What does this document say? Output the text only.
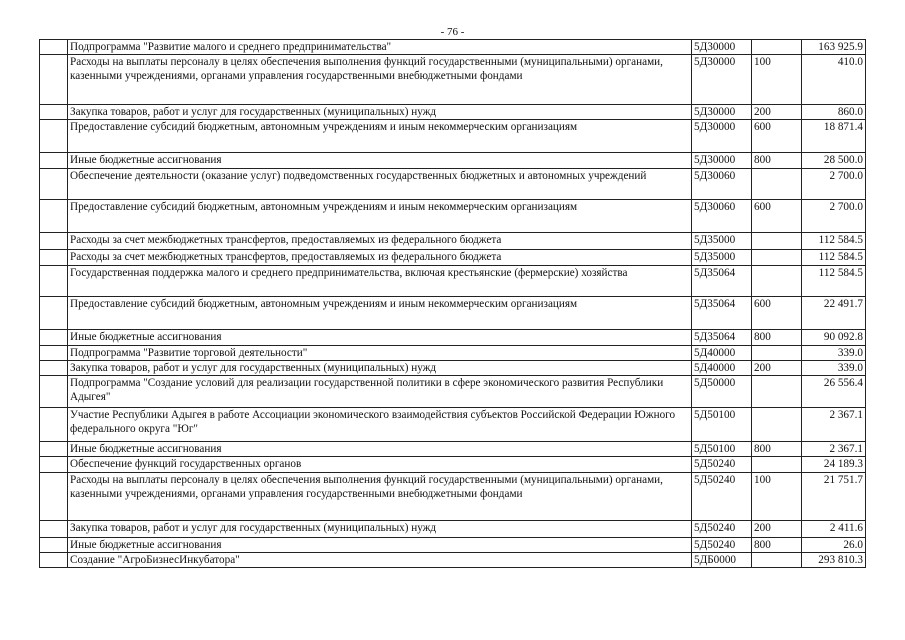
- 76 -
	Подпрограмма "Развитие малого и среднего предпринимательства"	5Д30000		163 925.9
	Расходы на выплаты персоналу в целях обеспечения выполнения функций государственными (муниципальными) органами, казенными учреждениями, органами управления государственными внебюджетными фондами	5Д30000	100	410.0
	Закупка товаров, работ и услуг для государственных (муниципальных) нужд	5Д30000	200	860.0
	Предоставление субсидий бюджетным, автономным учреждениям и иным некоммерческим организациям	5Д30000	600	18 871.4
	Иные бюджетные ассигнования	5Д30000	800	28 500.0
	Обеспечение деятельности (оказание услуг) подведомственных государственных бюджетных и автономных учреждений	5Д30060		2 700.0
	Предоставление субсидий бюджетным, автономным учреждениям и иным некоммерческим организациям	5Д30060	600	2 700.0
	Расходы за счет межбюджетных трансфертов, предоставляемых из федерального бюджета	5Д35000		112 584.5
	Расходы за счет межбюджетных трансфертов, предоставляемых из федерального бюджета	5Д35000		112 584.5
	Государственная поддержка малого и среднего предпринимательства, включая крестьянские (фермерские) хозяйства	5Д35064		112 584.5
	Предоставление субсидий бюджетным, автономным учреждениям и иным некоммерческим организациям	5Д35064	600	22 491.7
	Иные бюджетные ассигнования	5Д35064	800	90 092.8
	Подпрограмма "Развитие торговой деятельности"	5Д40000		339.0
	Закупка товаров, работ и услуг для государственных (муниципальных) нужд	5Д40000	200	339.0
	Подпрограмма "Создание условий для реализации государственной политики в сфере экономического развития Республики Адыгея"	5Д50000		26 556.4
	Участие Республики Адыгея в работе Ассоциации экономического взаимодействия субъектов Российской Федерации Южного федерального округа "Юг"	5Д50100		2 367.1
	Иные бюджетные ассигнования	5Д50100	800	2 367.1
	Обеспечение функций государственных органов	5Д50240		24 189.3
	Расходы на выплаты персоналу в целях обеспечения выполнения функций государственными (муниципальными) органами, казенными учреждениями, органами управления государственными внебюджетными фондами	5Д50240	100	21 751.7
	Закупка товаров, работ и услуг для государственных (муниципальных) нужд	5Д50240	200	2 411.6
	Иные бюджетные ассигнования	5Д50240	800	26.0
	Создание "АгроБизнесИнкубатора"	5ДБ0000		293 810.3
